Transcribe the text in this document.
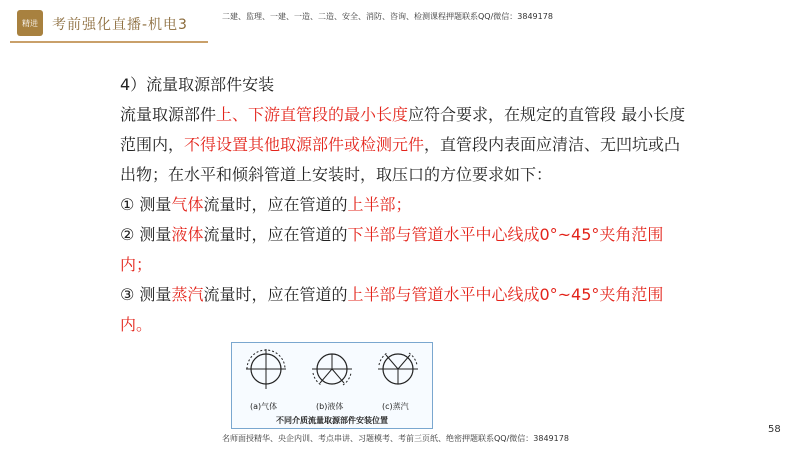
精进	考前强化直播-机电3
二建、监理、一建、一造、二造、安全、消防、咨询、检测课程押题联系QQ/微信：3849178

4）流量取源部件安装

流量取源部件上、下游直管段的最小长度应符合要求，在规定的直管段 最小长度范围内，不得设置其他取源部件或检测元件，直管段内表面应清洁、无凹坑或凸出物；在水平和倾斜管道上安装时，取压口的方位要求如下：

① 测量气体流量时，应在管道的上半部；

② 测量液体流量时，应在管道的下半部与管道水平中心线成0°~45°夹角范围内；

③ 测量蒸汽流量时，应在管道的上半部与管道水平中心线成0°~45°夹角范围内。

(a)气体	(b)液体	(c)蒸汽
不同介质流量取源部件安装位置
58
名师面授精华、央企内训、考点串讲、习题模考、考前三页纸、绝密押题联系QQ/微信：3849178
